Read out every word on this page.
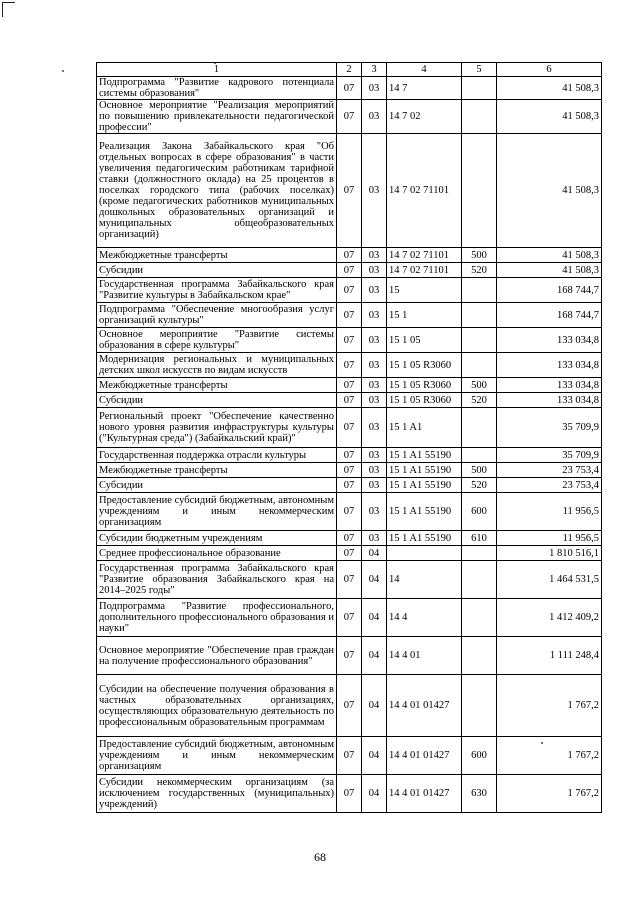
1	2	3	4	5	6
Подпрограмма "Развитие кадрового потенциала системы образования"	07	03	14 7		41 508,3
Основное мероприятие "Реализация мероприятий по повышению привлекательности педагогической профессии"	07	03	14 7 02		41 508,3
Реализация Закона Забайкальского края "Об отдельных вопросах в сфере образования" в части увеличения педагогическим работникам тарифной ставки (должностного оклада) на 25 процентов в поселках городского типа (рабочих поселках) (кроме педагогических работников муниципальных дошкольных образовательных организаций и муниципальных общеобразовательных организаций)	07	03	14 7 02 71101		41 508,3
Межбюджетные трансферты	07	03	14 7 02 71101	500	41 508,3
Субсидии	07	03	14 7 02 71101	520	41 508,3
Государственная программа Забайкальского края "Развитие культуры в Забайкальском крае"	07	03	15		168 744,7
Подпрограмма "Обеспечение многообразия услуг организаций культуры"	07	03	15 1		168 744,7
Основное мероприятие "Развитие системы образования в сфере культуры"	07	03	15 1 05		133 034,8
Модернизация региональных и муниципальных детских школ искусств по видам искусств	07	03	15 1 05 R3060		133 034,8
Межбюджетные трансферты	07	03	15 1 05 R3060	500	133 034,8
Субсидии	07	03	15 1 05 R3060	520	133 034,8
Региональный проект "Обеспечение качественно нового уровня развития инфраструктуры культуры ("Культурная среда") (Забайкальский край)"	07	03	15 1 A1		35 709,9
Государственная поддержка отрасли культуры	07	03	15 1 A1 55190		35 709,9
Межбюджетные трансферты	07	03	15 1 A1 55190	500	23 753,4
Субсидии	07	03	15 1 A1 55190	520	23 753,4
Предоставление субсидий бюджетным, автономным учреждениям и иным некоммерческим организациям	07	03	15 1 A1 55190	600	11 956,5
Субсидии бюджетным учреждениям	07	03	15 1 A1 55190	610	11 956,5
Среднее профессиональное образование	07	04			1 810 516,1
Государственная программа Забайкальского края "Развитие образования Забайкальского края на 2014–2025 годы"	07	04	14		1 464 531,5
Подпрограмма "Развитие профессионального, дополнительного профессионального образования и науки"	07	04	14 4		1 412 409,2
Основное мероприятие "Обеспечение прав граждан на получение профессионального образования"	07	04	14 4 01		1 111 248,4
Субсидии на обеспечение получения образования в частных образовательных организациях, осуществляющих образовательную деятельность по профессиональным образовательным программам	07	04	14 4 01 01427		1 767,2
Предоставление субсидий бюджетным, автономным учреждениям и иным некоммерческим организациям	07	04	14 4 01 01427	600	1 767,2
Субсидии некоммерческим организациям (за исключением государственных (муниципальных) учреждений)	07	04	14 4 01 01427	630	1 767,2
68
